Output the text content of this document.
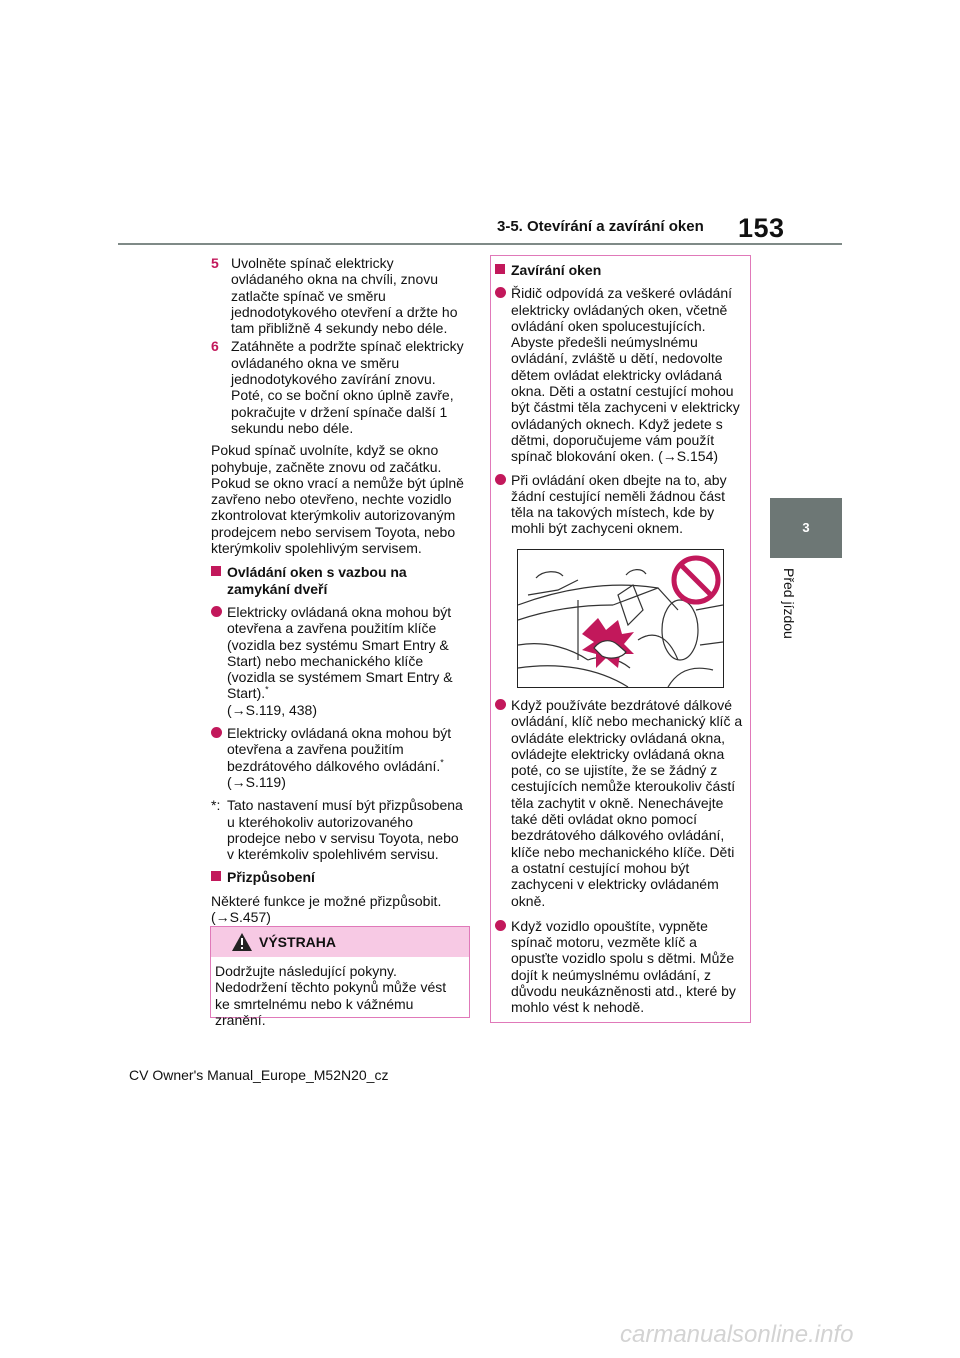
153
3-5. Otevírání a zavírání oken
3
Před jízdou
5 Uvolněte spínač elektricky ovládaného okna na chvíli, znovu zatlačte spínač ve směru jednodotykového otevření a držte ho tam přibližně 4 sekundy nebo déle.
6 Zatáhněte a podržte spínač elektricky ovládaného okna ve směru jednodotykového zavírání znovu. Poté, co se boční okno úplně zavře, pokračujte v držení spínače další 1 sekundu nebo déle.

Pokud spínač uvolníte, když se okno pohybuje, začněte znovu od začátku. Pokud se okno vrací a nemůže být úplně zavřeno nebo otevřeno, nechte vozidlo zkontrolovat kterýmkoliv autorizovaným prodejcem nebo servisem Toyota, nebo kterýmkoliv spolehlivým servisem.

Ovládání oken s vazbou na zamykání dveří
Elektricky ovládaná okna mohou být otevřena a zavřena použitím klíče (vozidla bez systému Smart Entry & Start) nebo mechanického klíče (vozidla se systémem Smart Entry & Start).*
(→S.119, 438)
Elektricky ovládaná okna mohou být otevřena a zavřena použitím bezdrátového dálkového ovládání.* (→S.119)
*: Tato nastavení musí být přizpůsobena u kteréhokoliv autorizovaného prodejce nebo v servisu Toyota, nebo v kterémkoliv spolehlivém servisu.
Přizpůsobení

Některé funkce je možné přizpůsobit.
(→S.457)

VÝSTRAHA
Dodržujte následující pokyny. Nedodržení těchto pokynů může vést ke smrtelnému nebo k vážnému zranění.
Zavírání oken
Řidič odpovídá za veškeré ovládání elektricky ovládaných oken, včetně ovládání oken spolucestujících. Abyste předešli neúmyslnému ovládání, zvláště u dětí, nedovolte dětem ovládat elektricky ovládaná okna. Děti a ostatní cestující mohou být částmi těla zachyceni v elektricky ovládaných oknech. Když jedete s dětmi, doporučujeme vám použít spínač blokování oken. (→S.154)
Při ovládání oken dbejte na to, aby žádní cestující neměli žádnou část těla na takových místech, kde by mohli být zachyceni oknem.
Když používáte bezdrátové dálkové ovládání, klíč nebo mechanický klíč a ovládáte elektricky ovládaná okna, ovládejte elektricky ovládaná okna poté, co se ujistíte, že se žádný z cestujících nemůže kteroukoliv částí těla zachytit v okně. Nenechávejte také děti ovládat okno pomocí bezdrátového dálkového ovládání, klíče nebo mechanického klíče. Děti a ostatní cestující mohou být zachyceni v elektricky ovládaném okně.
Když vozidlo opouštíte, vypněte spínač motoru, vezměte klíč a opusťte vozidlo spolu s dětmi. Může dojít k neúmyslnému ovládání, z důvodu neukázněnosti atd., které by mohlo vést k nehodě.
CV Owner's Manual_Europe_M52N20_cz
carmanualsonline.info
